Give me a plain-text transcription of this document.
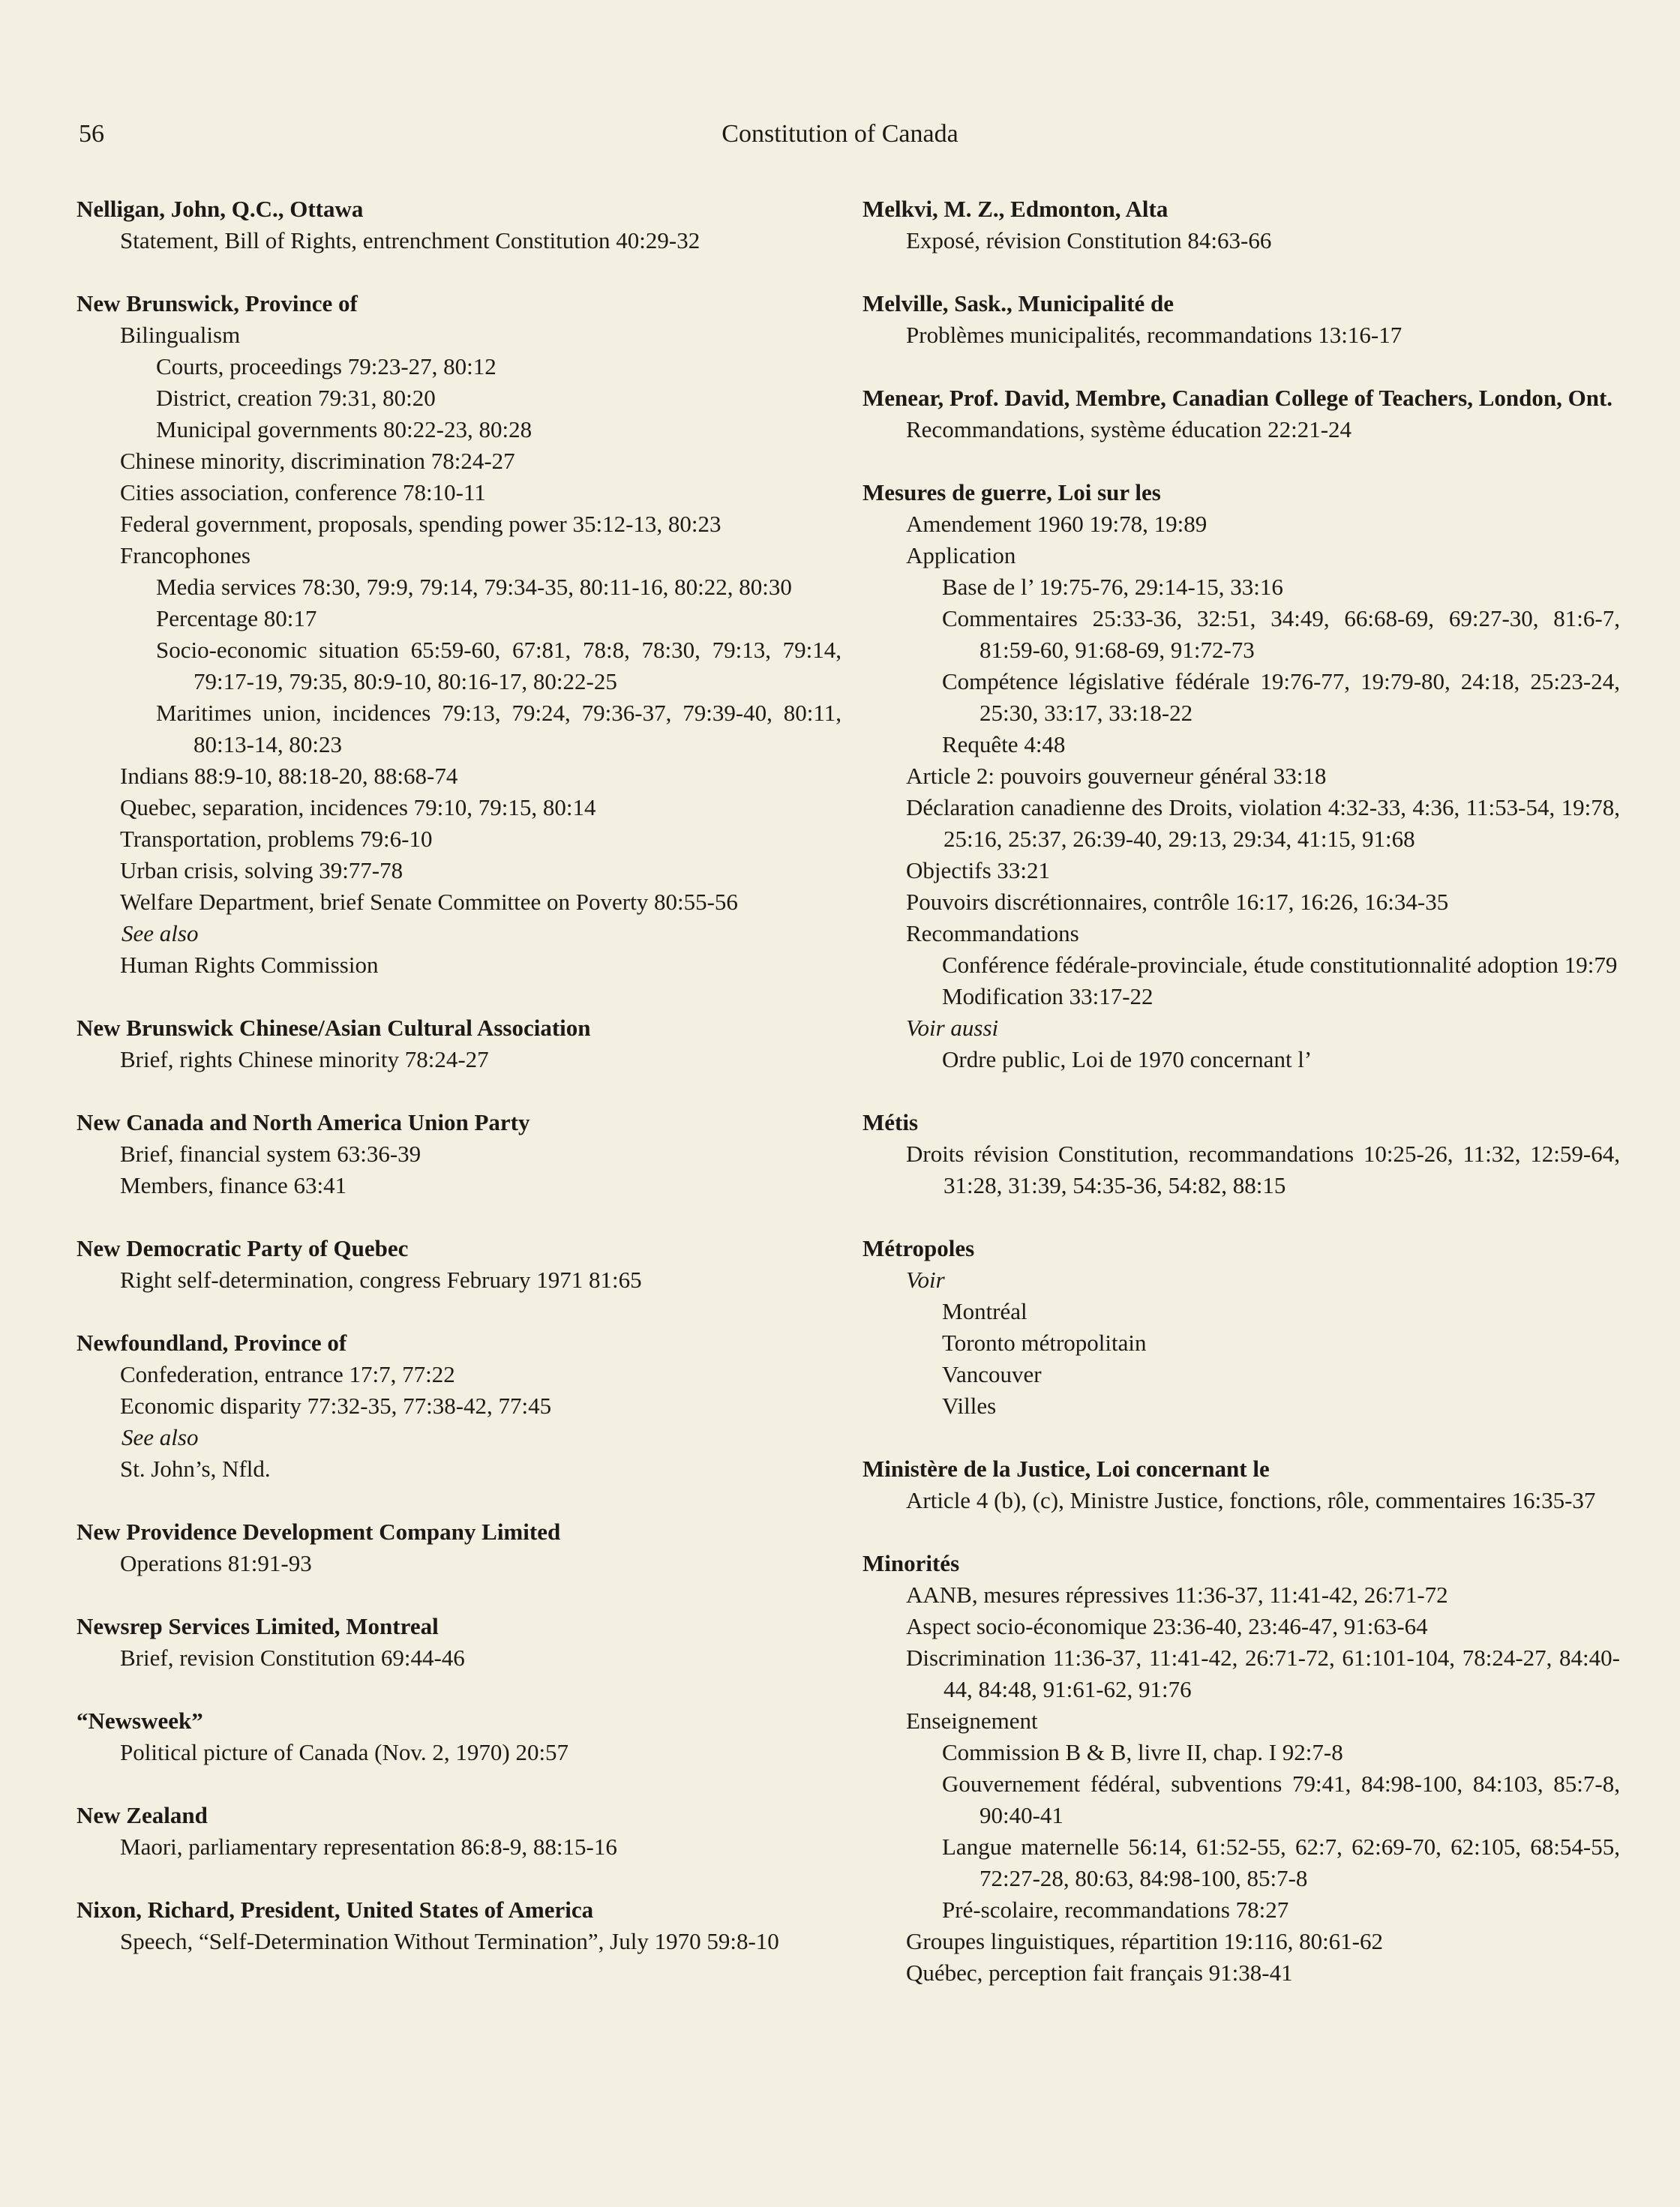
56	Constitution of Canada
Nelligan, John, Q.C., Ottawa
Statement, Bill of Rights, entrenchment Constitution 40:29-32
New Brunswick, Province of
Bilingualism
Courts, proceedings 79:23-27, 80:12
District, creation 79:31, 80:20
Municipal governments 80:22-23, 80:28
Chinese minority, discrimination 78:24-27
Cities association, conference 78:10-11
Federal government, proposals, spending power 35:12-13, 80:23
Francophones
Media services 78:30, 79:9, 79:14, 79:34-35, 80:11-16, 80:22, 80:30
Percentage 80:17
Socio-economic situation 65:59-60, 67:81, 78:8, 78:30, 79:13, 79:14, 79:17-19, 79:35, 80:9-10, 80:16-17, 80:22-25
Maritimes union, incidences 79:13, 79:24, 79:36-37, 79:39-40, 80:11, 80:13-14, 80:23
Indians 88:9-10, 88:18-20, 88:68-74
Quebec, separation, incidences 79:10, 79:15, 80:14
Transportation, problems 79:6-10
Urban crisis, solving 39:77-78
Welfare Department, brief Senate Committee on Poverty 80:55-56
See also
Human Rights Commission
New Brunswick Chinese/Asian Cultural Association
Brief, rights Chinese minority 78:24-27
New Canada and North America Union Party
Brief, financial system 63:36-39
Members, finance 63:41
New Democratic Party of Quebec
Right self-determination, congress February 1971 81:65
Newfoundland, Province of
Confederation, entrance 17:7, 77:22
Economic disparity 77:32-35, 77:38-42, 77:45
See also
St. John’s, Nfld.
New Providence Development Company Limited
Operations 81:91-93
Newsrep Services Limited, Montreal
Brief, revision Constitution 69:44-46
“Newsweek”
Political picture of Canada (Nov. 2, 1970) 20:57
New Zealand
Maori, parliamentary representation 86:8-9, 88:15-16
Nixon, Richard, President, United States of America
Speech, “Self-Determination Without Termination”, July 1970 59:8-10
Melkvi, M. Z., Edmonton, Alta
Exposé, révision Constitution 84:63-66
Melville, Sask., Municipalité de
Problèmes municipalités, recommandations 13:16-17
Menear, Prof. David, Membre, Canadian College of Teachers, London, Ont.
Recommandations, système éducation 22:21-24
Mesures de guerre, Loi sur les
Amendement 1960 19:78, 19:89
Application
Base de l’ 19:75-76, 29:14-15, 33:16
Commentaires 25:33-36, 32:51, 34:49, 66:68-69, 69:27-30, 81:6-7, 81:59-60, 91:68-69, 91:72-73
Compétence législative fédérale 19:76-77, 19:79-80, 24:18, 25:23-24, 25:30, 33:17, 33:18-22
Requête 4:48
Article 2: pouvoirs gouverneur général 33:18
Déclaration canadienne des Droits, violation 4:32-33, 4:36, 11:53-54, 19:78, 25:16, 25:37, 26:39-40, 29:13, 29:34, 41:15, 91:68
Objectifs 33:21
Pouvoirs discrétionnaires, contrôle 16:17, 16:26, 16:34-35
Recommandations
Conférence fédérale-provinciale, étude constitutionnalité adoption 19:79
Modification 33:17-22
Voir aussi
Ordre public, Loi de 1970 concernant l’
Métis
Droits révision Constitution, recommandations 10:25-26, 11:32, 12:59-64, 31:28, 31:39, 54:35-36, 54:82, 88:15
Métropoles
Voir
Montréal
Toronto métropolitain
Vancouver
Villes
Ministère de la Justice, Loi concernant le
Article 4 (b), (c), Ministre Justice, fonctions, rôle, commentaires 16:35-37
Minorités
AANB, mesures répressives 11:36-37, 11:41-42, 26:71-72
Aspect socio-économique 23:36-40, 23:46-47, 91:63-64
Discrimination 11:36-37, 11:41-42, 26:71-72, 61:101-104, 78:24-27, 84:40-44, 84:48, 91:61-62, 91:76
Enseignement
Commission B & B, livre II, chap. I 92:7-8
Gouvernement fédéral, subventions 79:41, 84:98-100, 84:103, 85:7-8, 90:40-41
Langue maternelle 56:14, 61:52-55, 62:7, 62:69-70, 62:105, 68:54-55, 72:27-28, 80:63, 84:98-100, 85:7-8
Pré-scolaire, recommandations 78:27
Groupes linguistiques, répartition 19:116, 80:61-62
Québec, perception fait français 91:38-41
